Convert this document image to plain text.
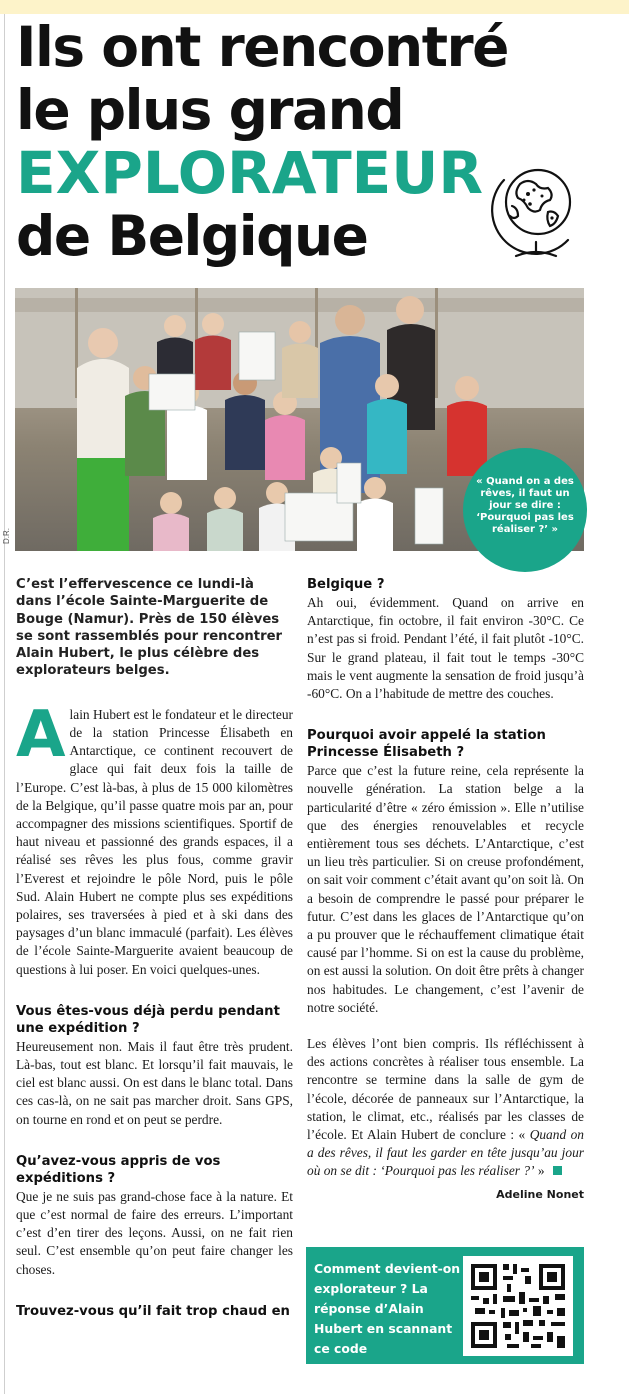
Ils ont rencontré
le plus grand
EXPLORATEUR
de Belgique
D.R.
« Quand on a des rêves, il faut un jour se dire : ‘Pourquoi pas les réaliser ?’ »

C’est l’effervescence ce lundi-là dans l’école Sainte-Marguerite de Bouge (Namur). Près de 150 élèves se sont rassemblés pour rencontrer Alain Hubert, le plus célèbre des explorateurs belges.

Alain Hubert est le fondateur et le directeur de la station Princesse Élisabeth en Antarctique, ce continent recouvert de glace qui fait deux fois la taille de l’Europe. C’est là-bas, à plus de 15 000 kilomètres de la Belgique, qu’il passe quatre mois par an, pour accompagner des missions scientifiques. Sportif de haut niveau et passionné des grands espaces, il a réalisé ses rêves les plus fous, comme gravir l’Everest et rejoindre le pôle Nord, puis le pôle Sud. Alain Hubert ne compte plus ses expéditions polaires, ses traversées à pied et à ski dans des paysages d’un blanc immaculé (parfait). Les élèves de l’école Sainte-Marguerite avaient beaucoup de questions à lui poser. En voici quelques-unes.

Vous êtes-vous déjà perdu pendant une expédition ?

Heureusement non. Mais il faut être très prudent. Là-bas, tout est blanc. Et lorsqu’il fait mauvais, le ciel est blanc aussi. On est dans le blanc total. Dans ces cas-là, on ne sait pas marcher droit. Sans GPS, on tourne en rond et on peut se perdre.

Qu’avez-vous appris de vos expéditions ?

Que je ne suis pas grand-chose face à la nature. Et que c’est normal de faire des erreurs. L’important c’est d’en tirer des leçons. Aussi, on ne fait rien seul. C’est ensemble qu’on peut faire changer les choses.

Trouvez-vous qu’il fait trop chaud en
Belgique ?

Ah oui, évidemment. Quand on arrive en Antarctique, fin octobre, il fait environ -30°C. Ce n’est pas si froid. Pendant l’été, il fait plutôt -10°C. Sur le grand plateau, il fait tout le temps -30°C mais le vent augmente la sensation de froid jusqu’à -60°C. On a l’habitude de mettre des couches.

Pourquoi avoir appelé la station Princesse Élisabeth ?

Parce que c’est la future reine, cela représente la nouvelle génération. La station belge a la particularité d’être « zéro émission ». Elle n’utilise que des énergies renouvelables et recycle entièrement tous ses déchets. L’Antarctique, c’est un lieu très particulier. Si on creuse profondément, on sait voir comment c’était avant qu’on soit là. On a besoin de comprendre le passé pour préparer le futur. C’est dans les glaces de l’Antarctique qu’on a pu prouver que le réchauffement climatique était causé par l’homme. Si on est la cause du problème, on est aussi la solution. On doit être prêts à changer nos habitudes. Le changement, c’est l’avenir de notre société.

Les élèves l’ont bien compris. Ils réfléchissent à des actions concrètes à réaliser tous ensemble. La rencontre se termine dans la salle de gym de l’école, décorée de panneaux sur l’Antarctique, la station, le climat, etc., réalisés par les classes de l’école. Et Alain Hubert de conclure : « Quand on a des rêves, il faut les garder en tête jusqu’au jour où on se dit : ‘Pourquoi pas les réaliser ?’ »

Adeline Nonet

Comment devient-on explorateur ? La réponse d’Alain Hubert en scannant ce code
